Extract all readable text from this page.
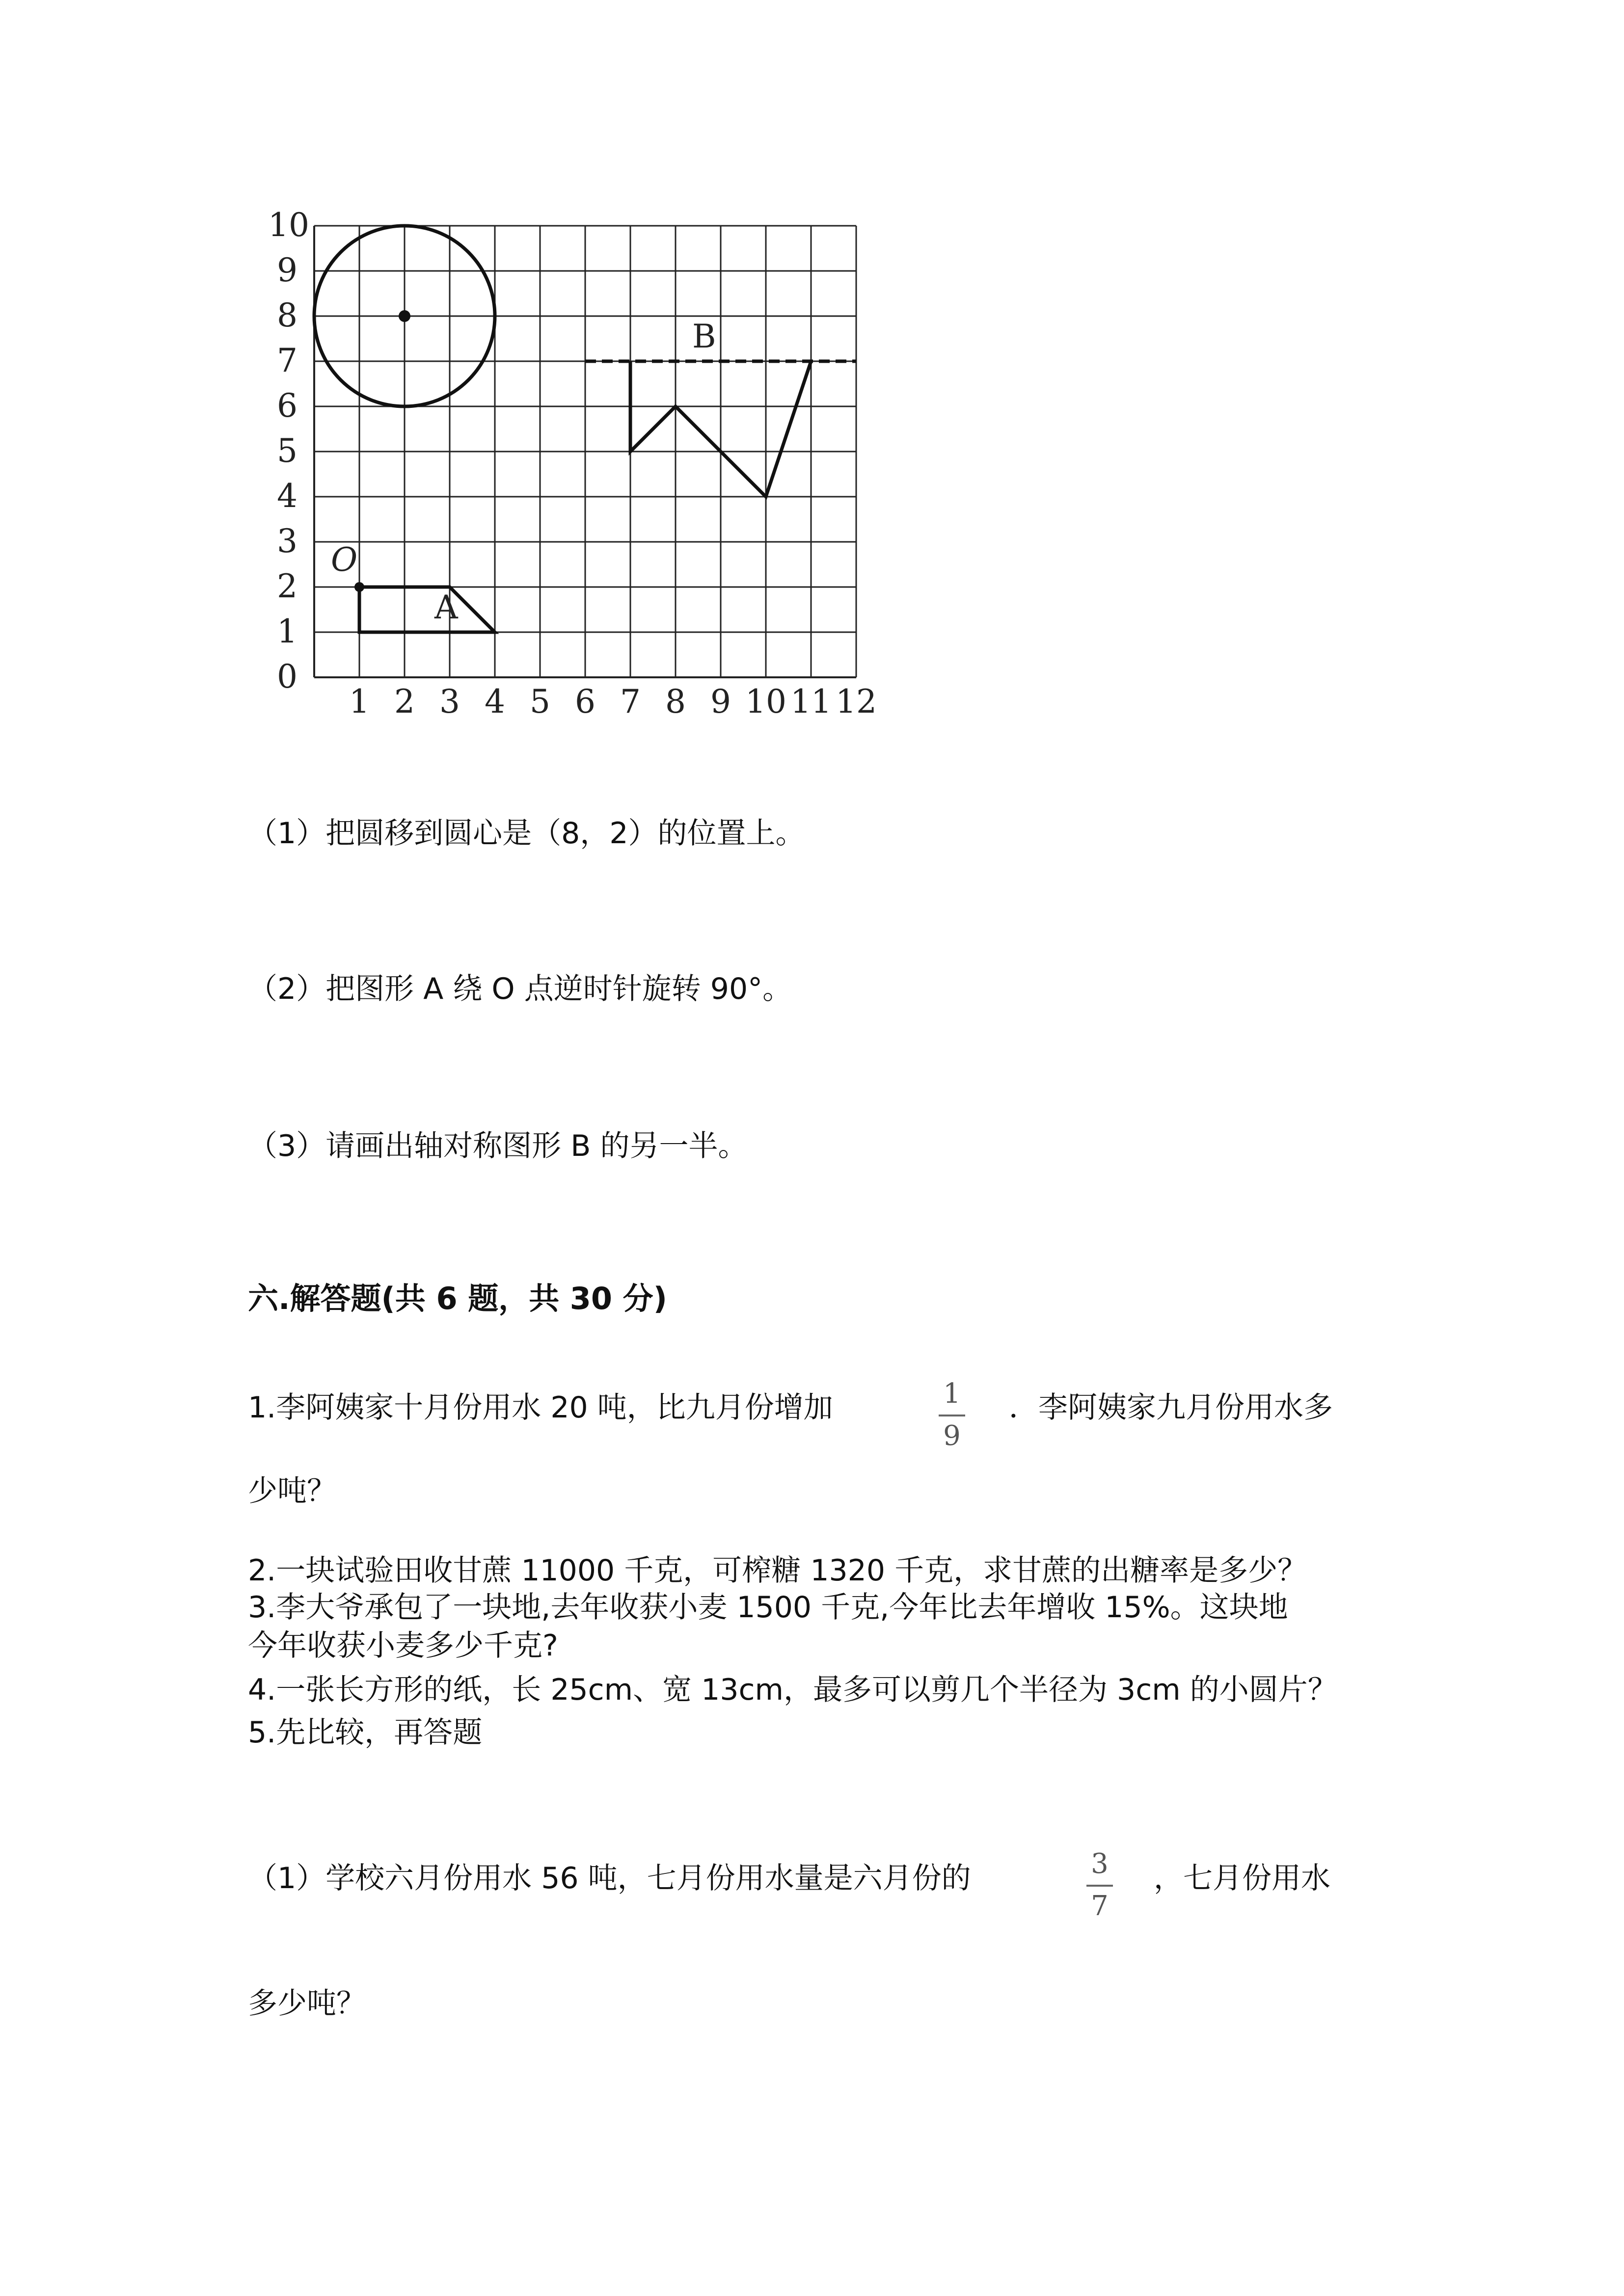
10
9
8
7
6
5
4
3
2
1
0
1 2 3 4 5 6 7 8 9 10 11 12
A
O
B
（1）把圆移到圆心是（8，2）的位置上。
（2）把图形 A 绕 O 点逆时针旋转 90°。
（3）请画出轴对称图形 B 的另一半。
六.解答题(共 6 题，共 30 分)
1.李阿姨家十月份用水 20 吨，比九月份增加	1
9
．李阿姨家九月份用水多
少吨？
2.一块试验田收甘蔗 11000 千克，可榨糖 1320 千克，求甘蔗的出糖率是多少？
3.李大爷承包了一块地,去年收获小麦 1500 千克,今年比去年增收 15%。这块地
今年收获小麦多少千克?
4.一张长方形的纸，长 25cm、宽 13cm，最多可以剪几个半径为 3cm 的小圆片？
5.先比较，再答题
（1）学校六月份用水 56 吨，七月份用水量是六月份的	3
7
，七月份用水
多少吨？
